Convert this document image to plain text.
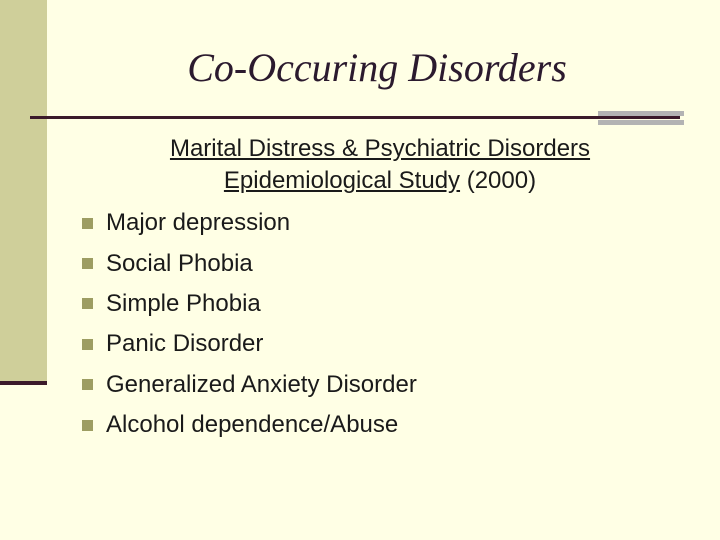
Co-Occuring Disorders
Marital Distress & Psychiatric Disorders
Epidemiological Study (2000)
Major depression
Social Phobia
Simple Phobia
Panic Disorder
Generalized Anxiety Disorder
Alcohol dependence/Abuse
